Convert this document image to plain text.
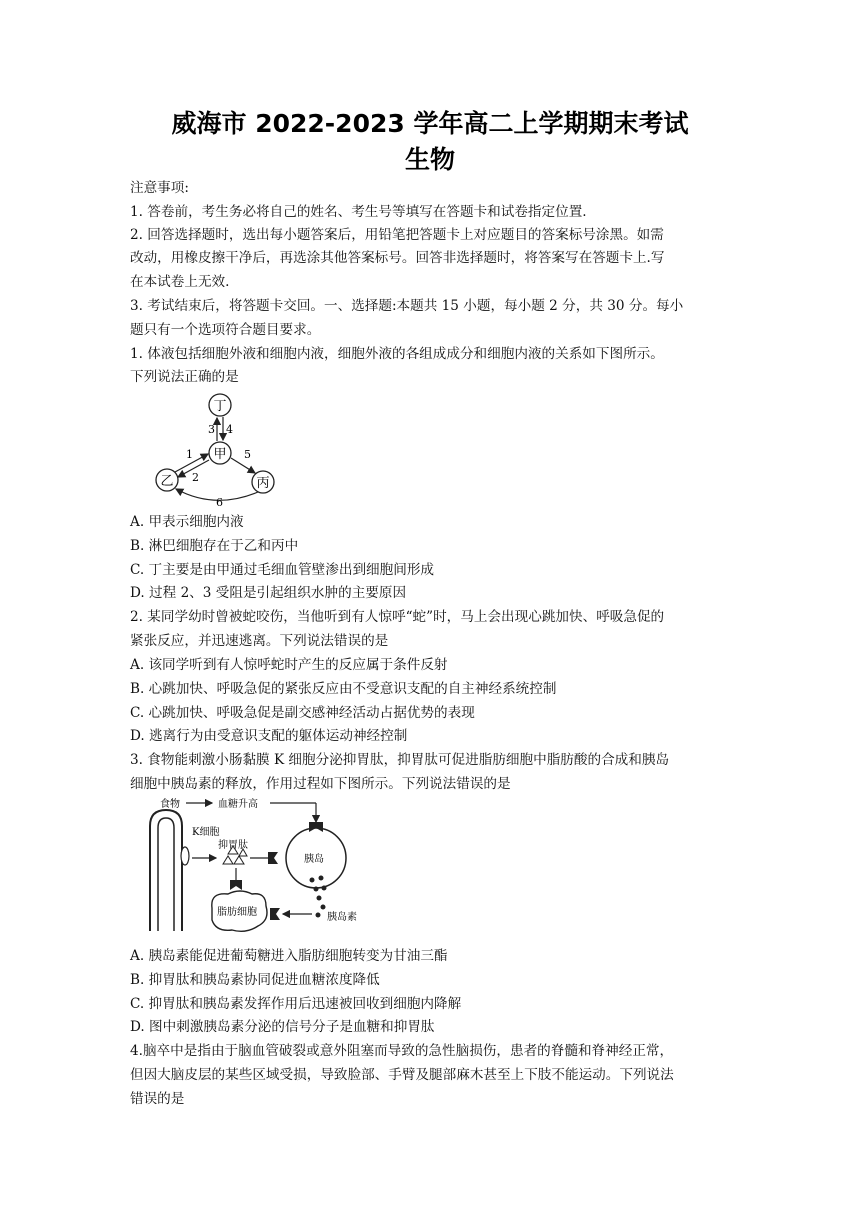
威海市 2022-2023 学年高二上学期期末考试
生物
注意事项:
1. 答卷前，考生务必将自己的姓名、考生号等填写在答题卡和试卷指定位置.
2. 回答选择题时，选出每小题答案后，用铅笔把答题卡上对应题目的答案标号涂黑。如需
改动，用橡皮擦干净后，再选涂其他答案标号。回答非选择题时，将答案写在答题卡上.写
在本试卷上无效.
3. 考试结束后，将答题卡交回。一、选择题:本题共 15 小题，每小题 2 分，共 30 分。每小
题只有一个选项符合题目要求。
1. 体液包括细胞外液和细胞内液，细胞外液的各组成成分和细胞内液的关系如下图所示。
下列说法正确的是
丁
甲
乙	丙
3 4
1
2
5
6
A. 甲表示细胞内液
B. 淋巴细胞存在于乙和丙中
C. 丁主要是由甲通过毛细血管壁渗出到细胞间形成
D. 过程 2、3 受阻是引起组织水肿的主要原因
2. 某同学幼时曾被蛇咬伤，当他听到有人惊呼“蛇”时，马上会出现心跳加快、呼吸急促的
紧张反应，并迅速逃离。下列说法错误的是
A. 该同学听到有人惊呼蛇时产生的反应属于条件反射
B. 心跳加快、呼吸急促的紧张反应由不受意识支配的自主神经系统控制
C. 心跳加快、呼吸急促是副交感神经活动占据优势的表现
D. 逃离行为由受意识支配的躯体运动神经控制
3. 食物能刺激小肠黏膜 K 细胞分泌抑胃肽，抑胃肽可促进脂肪细胞中脂肪酸的合成和胰岛
细胞中胰岛素的释放，作用过程如下图所示。下列说法错误的是
食物	血糖升高
K细胞
抑胃肽
胰岛
胰岛素
脂肪细胞
A. 胰岛素能促进葡萄糖进入脂肪细胞转变为甘油三酯
B. 抑胃肽和胰岛素协同促进血糖浓度降低
C. 抑胃肽和胰岛素发挥作用后迅速被回收到细胞内降解
D. 图中刺激胰岛素分泌的信号分子是血糖和抑胃肽
4.脑卒中是指由于脑血管破裂或意外阻塞而导致的急性脑损伤，患者的脊髓和脊神经正常，
但因大脑皮层的某些区域受损，导致脸部、手臂及腿部麻木甚至上下肢不能运动。下列说法
错误的是
